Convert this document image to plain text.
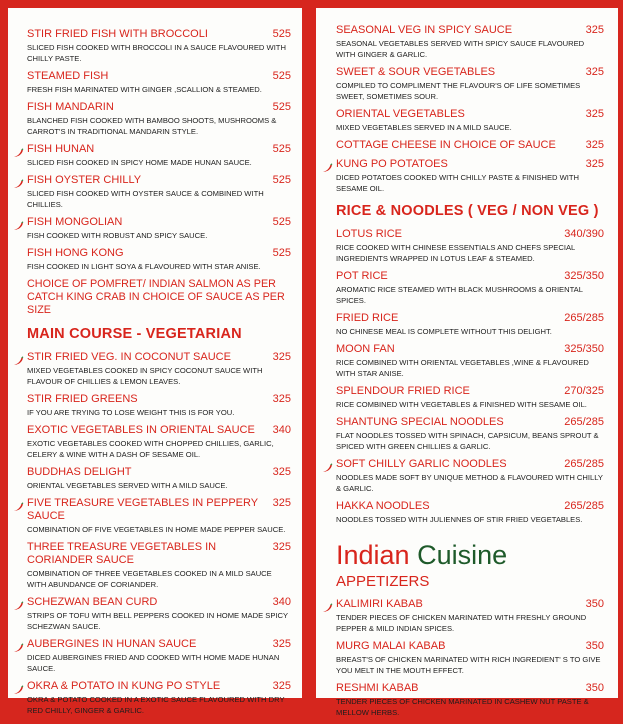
STIR FRIED FISH WITH BROCCOLI	525
SLICED FISH COOKED WITH BROCCOLI IN A SAUCE FLAVOURED WITH CHILLY PASTE.
STEAMED FISH	525
FRESH FISH MARINATED WITH GINGER ,SCALLION & STEAMED.
FISH MANDARIN	525
BLANCHED FISH COOKED WITH BAMBOO SHOOTS, MUSHROOMS & CARROT'S IN TRADITIONAL MANDARIN STYLE.
FISH HUNAN	525
SLICED FISH COOKED IN SPICY HOME MADE HUNAN SAUCE.
FISH OYSTER CHILLY	525
SLICED FISH COOKED WITH OYSTER SAUCE & COMBINED WITH CHILLIES.
FISH MONGOLIAN	525
FISH COOKED WITH ROBUST AND SPICY SAUCE.
FISH HONG KONG	525
FISH COOKED IN LIGHT SOYA & FLAVOURED WITH STAR ANISE.
CHOICE OF POMFRET/ INDIAN SALMON AS PER CATCH KING CRAB IN CHOICE OF SAUCE AS PER SIZE
MAIN COURSE - VEGETARIAN
STIR FRIED VEG. IN COCONUT SAUCE	325
MIXED VEGETABLES COOKED IN SPICY COCONUT SAUCE WITH FLAVOUR OF CHILLIES & LEMON LEAVES.
STIR FRIED GREENS	325
IF YOU ARE TRYING TO LOSE WEIGHT THIS IS FOR YOU.
EXOTIC VEGETABLES IN ORIENTAL SAUCE	340
EXOTIC VEGETABLES COOKED WITH CHOPPED CHILLIES, GARLIC, CELERY & WINE WITH A DASH OF SESAME OIL.
BUDDHAS DELIGHT	325
ORIENTAL VEGETABLES SERVED WITH A MILD SAUCE.
FIVE TREASURE VEGETABLES IN PEPPERY SAUCE
325
COMBINATION OF FIVE VEGETABLES IN HOME MADE PEPPER SAUCE.
THREE TREASURE VEGETABLES IN CORIANDER SAUCE
325
COMBINATION OF THREE VEGETABLES COOKED IN A MILD SAUCE WITH ABUNDANCE OF CORIANDER.
SCHEZWAN BEAN CURD	340
STRIPS OF TOFU WITH BELL PEPPERS COOKED IN HOME MADE SPICY SCHEZWAN SAUCE.
AUBERGINES IN HUNAN SAUCE	325
DICED AUBERGINES FRIED AND COOKED WITH HOME MADE HUNAN SAUCE.
OKRA & POTATO IN KUNG PO STYLE	325
OKRA & POTATO COOKED IN A EXOTIC SAUCE FLAVOURED WITH DRY RED CHILLY, GINGER & GARLIC.
SEASONAL VEG IN SPICY SAUCE	325
SEASONAL VEGETABLES SERVED WITH SPICY SAUCE FLAVOURED WITH GINGER & GARLIC.
SWEET & SOUR VEGETABLES	325
COMPILED TO COMPLIMENT THE FLAVOUR'S OF LIFE SOMETIMES SWEET, SOMETIMES SOUR.
ORIENTAL VEGETABLES	325
MIXED VEGETABLES SERVED IN A MILD SAUCE.
COTTAGE CHEESE IN CHOICE OF SAUCE	325
KUNG PO POTATOES	325
DICED POTATOES COOKED WITH CHILLY PASTE & FINISHED WITH SESAME OIL.
RICE & NOODLES ( VEG / NON VEG )
LOTUS RICE	340/390
RICE COOKED WITH CHINESE ESSENTIALS AND CHEFS SPECIAL INGREDIENTS WRAPPED IN LOTUS LEAF & STEAMED.
POT RICE	325/350
AROMATIC RICE STEAMED WITH BLACK MUSHROOMS & ORIENTAL SPICES.
FRIED RICE	265/285
NO CHINESE MEAL IS COMPLETE WITHOUT THIS DELIGHT.
MOON FAN	325/350
RICE COMBINED WITH ORIENTAL VEGETABLES ,WINE & FLAVOURED WITH STAR ANISE.
SPLENDOUR FRIED RICE	270/325
RICE COMBINED WITH VEGETABLES & FINISHED WITH SESAME OIL.
SHANTUNG SPECIAL NOODLES	265/285
FLAT NOODLES TOSSED WITH SPINACH, CAPSICUM, BEANS SPROUT & SPICED WITH GREEN CHILLIES & GARLIC.
SOFT CHILLY GARLIC NOODLES	265/285
NOODLES MADE SOFT BY UNIQUE METHOD & FLAVOURED WITH CHILLY & GARLIC.
HAKKA NOODLES	265/285
NOODLES TOSSED WITH JULIENNES OF STIR FRIED VEGETABLES.
Indian Cuisine
APPETIZERS
KALIMIRI KABAB	350
TENDER PIECES OF CHICKEN MARINATED WITH FRESHLY GROUND PEPPER & MILD INDIAN SPICES.
MURG MALAI KABAB	350
BREAST'S OF CHICKEN MARINATED WITH RICH INGREDIENT' S TO GIVE YOU MELT IN THE MOUTH EFFECT.
RESHMI KABAB	350
TENDER PIECES OF CHICKEN MARINATED IN CASHEW NUT PASTE & MELLOW HERBS.
